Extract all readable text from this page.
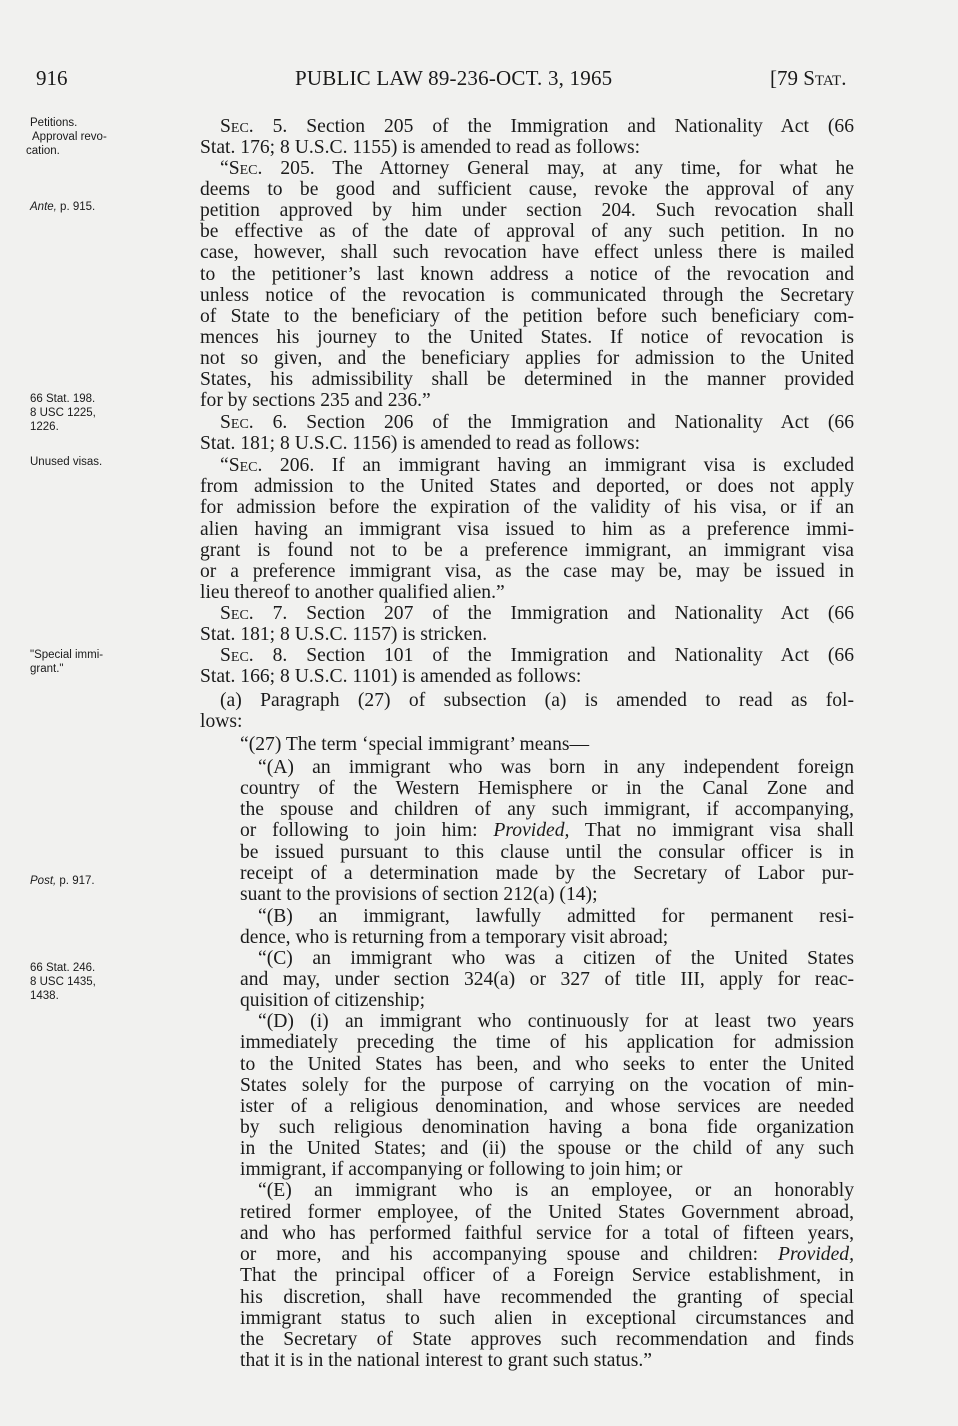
916	PUBLIC LAW 89-236-OCT. 3, 1965	[79 Stat.
Petitions.
Approval revo-
cation.
Ante, p. 915.
66 Stat. 198.
8 USC 1225,
1226.
Unused visas.
"Special immi-
grant."
Post, p. 917.
66 Stat. 246.
8 USC 1435,
1438.
Sec. 5. Section 205 of the Immigration and Nationality Act (66
Stat. 176; 8 U.S.C. 1155) is amended to read as follows:
“Sec. 205. The Attorney General may, at any time, for what he
deems to be good and sufficient cause, revoke the approval of any
petition approved by him under section 204. Such revocation shall
be effective as of the date of approval of any such petition. In no
case, however, shall such revocation have effect unless there is mailed
to the petitioner’s last known address a notice of the revocation and
unless notice of the revocation is communicated through the Secretary
of State to the beneficiary of the petition before such beneficiary com-
mences his journey to the United States. If notice of revocation is
not so given, and the beneficiary applies for admission to the United
States, his admissibility shall be determined in the manner provided
for by sections 235 and 236.”
Sec. 6. Section 206 of the Immigration and Nationality Act (66
Stat. 181; 8 U.S.C. 1156) is amended to read as follows:
“Sec. 206. If an immigrant having an immigrant visa is excluded
from admission to the United States and deported, or does not apply
for admission before the expiration of the validity of his visa, or if an
alien having an immigrant visa issued to him as a preference immi-
grant is found not to be a preference immigrant, an immigrant visa
or a preference immigrant visa, as the case may be, may be issued in
lieu thereof to another qualified alien.”
Sec. 7. Section 207 of the Immigration and Nationality Act (66
Stat. 181; 8 U.S.C. 1157) is stricken.
Sec. 8. Section 101 of the Immigration and Nationality Act (66
Stat. 166; 8 U.S.C. 1101) is amended as follows:
(a) Paragraph (27) of subsection (a) is amended to read as fol-
lows:
“(27) The term ‘special immigrant’ means—
“(A) an immigrant who was born in any independent foreign
country of the Western Hemisphere or in the Canal Zone and
the spouse and children of any such immigrant, if accompanying,
or following to join him: Provided, That no immigrant visa shall
be issued pursuant to this clause until the consular officer is in
receipt of a determination made by the Secretary of Labor pur-
suant to the provisions of section 212(a) (14);
“(B) an immigrant, lawfully admitted for permanent resi-
dence, who is returning from a temporary visit abroad;
“(C) an immigrant who was a citizen of the United States
and may, under section 324(a) or 327 of title III, apply for reac-
quisition of citizenship;
“(D) (i) an immigrant who continuously for at least two years
immediately preceding the time of his application for admission
to the United States has been, and who seeks to enter the United
States solely for the purpose of carrying on the vocation of min-
ister of a religious denomination, and whose services are needed
by such religious denomination having a bona fide organization
in the United States; and (ii) the spouse or the child of any such
immigrant, if accompanying or following to join him; or
“(E) an immigrant who is an employee, or an honorably
retired former employee, of the United States Government abroad,
and who has performed faithful service for a total of fifteen years,
or more, and his accompanying spouse and children: Provided,
That the principal officer of a Foreign Service establishment, in
his discretion, shall have recommended the granting of special
immigrant status to such alien in exceptional circumstances and
the Secretary of State approves such recommendation and finds
that it is in the national interest to grant such status.”
